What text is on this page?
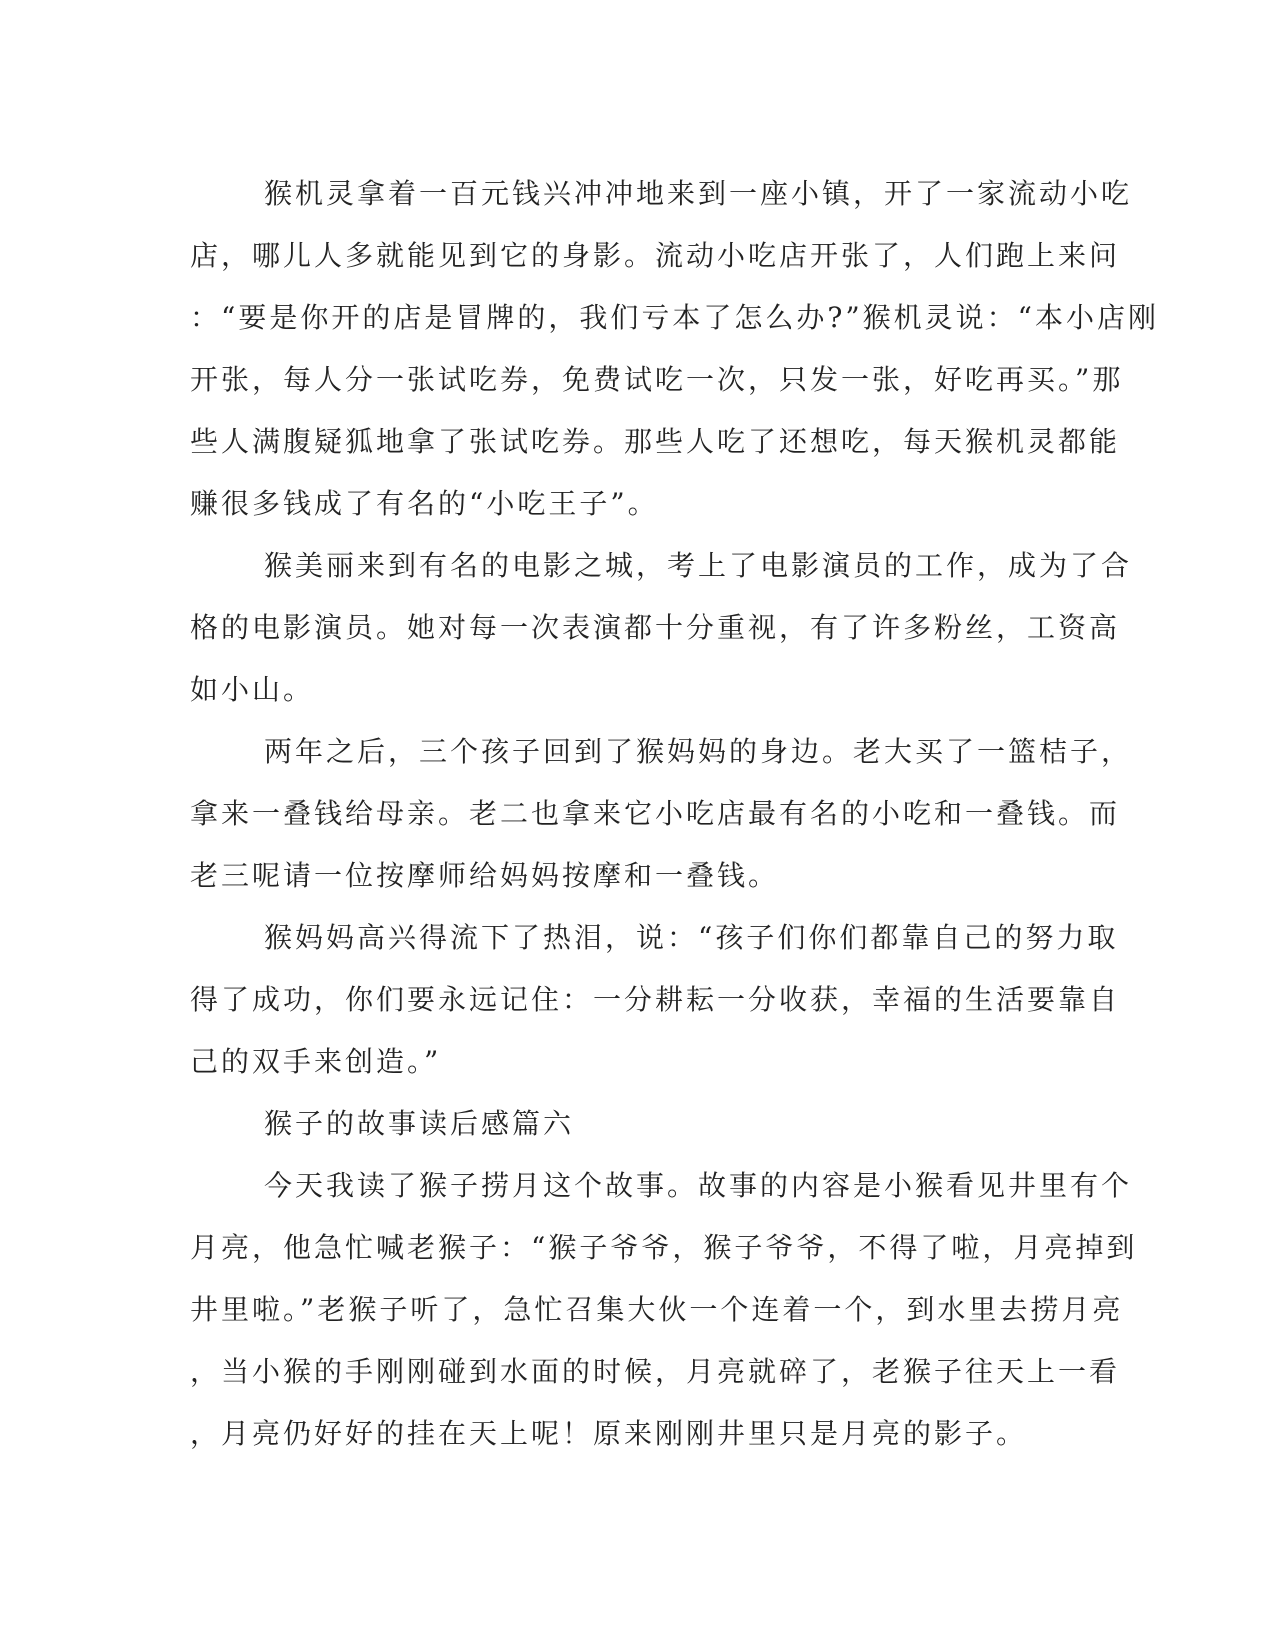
猴机灵拿着一百元钱兴冲冲地来到一座小镇，开了一家流动小吃
店，哪儿人多就能见到它的身影。流动小吃店开张了，人们跑上来问
：“要是你开的店是冒牌的，我们亏本了怎么办?”猴机灵说：“本小店刚
开张，每人分一张试吃券，免费试吃一次，只发一张，好吃再买。”那
些人满腹疑狐地拿了张试吃券。那些人吃了还想吃，每天猴机灵都能
赚很多钱成了有名的“小吃王子”。
猴美丽来到有名的电影之城，考上了电影演员的工作，成为了合
格的电影演员。她对每一次表演都十分重视，有了许多粉丝，工资高
如小山。
两年之后，三个孩子回到了猴妈妈的身边。老大买了一篮桔子，
拿来一叠钱给母亲。老二也拿来它小吃店最有名的小吃和一叠钱。而
老三呢请一位按摩师给妈妈按摩和一叠钱。
猴妈妈高兴得流下了热泪，说：“孩子们你们都靠自己的努力取
得了成功，你们要永远记住：一分耕耘一分收获，幸福的生活要靠自
己的双手来创造。”
猴子的故事读后感篇六
今天我读了猴子捞月这个故事。故事的内容是小猴看见井里有个
月亮，他急忙喊老猴子：“猴子爷爷，猴子爷爷，不得了啦，月亮掉到
井里啦。”老猴子听了，急忙召集大伙一个连着一个，到水里去捞月亮
，当小猴的手刚刚碰到水面的时候，月亮就碎了，老猴子往天上一看
，月亮仍好好的挂在天上呢！原来刚刚井里只是月亮的影子。
